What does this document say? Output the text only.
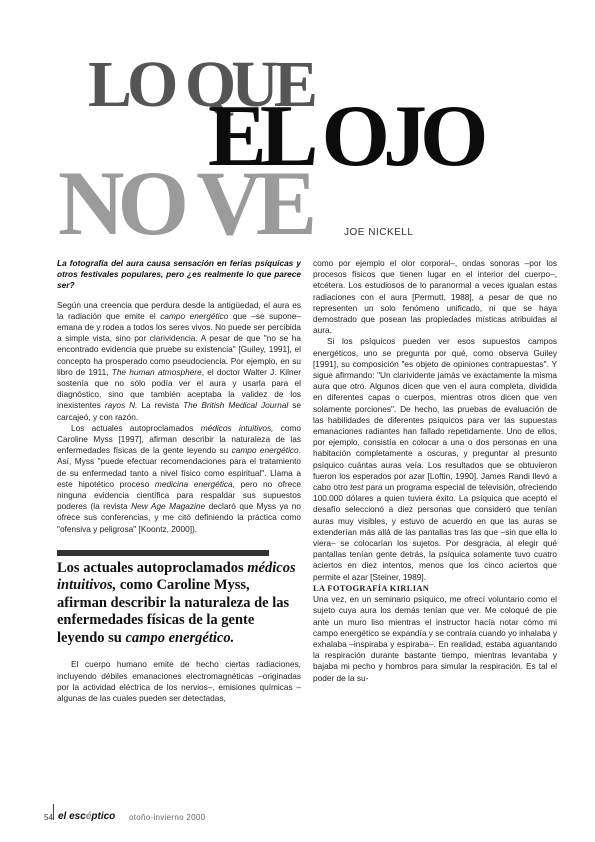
LO QUE
EL OJO
NO VE	JOE NICKELL

La fotografía del aura causa sensación en ferias psíquicas y otros festivales populares, pero ¿es realmente lo que parece ser?

Según una creencia que perdura desde la antigüedad, el aura es la radiación que emite el campo energético que –se supone– emana de y rodea a todos los seres vivos. No puede ser percibida a simple vista, sino por clarividencia. A pesar de que "no se ha encontrado evidencia que pruebe su existencia" [Guiley, 1991], el concepto ha prosperado como pseudociencia. Por ejemplo, en su libro de 1911, The human atmosphere, el doctor Walter J. Kilner sostenía que no sólo podía ver el aura y usarla para el diagnóstico, sino que también aceptaba la validez de los inexistentes rayos N. La revista The British Medical Journal se carcajeó, y con razón.

Los actuales autoproclamados médicos intuitivos, como Caroline Myss [1997], afirman describir la naturaleza de las enfermedades físicas de la gente leyendo su campo energético. Así, Myss "puede efectuar recomendaciones para el tratamiento de su enfermedad tanto a nivel físico como espiritual". Llama a este hipotético proceso medicina energética, pero no ofrece ninguna evidencia científica para respaldar sus supuestos poderes (la revista New Age Magazine declaró que Myss ya no ofrece sus conferencias, y me citó definiendo la práctica como "ofensiva y peligrosa" [Koontz, 2000]).

Los actuales autoproclamados médicos intuitivos, como Caroline Myss, afirman describir la naturaleza de las enfermedades físicas de la gente leyendo su campo energético.

El cuerpo humano emite de hecho ciertas radiaciones, incluyendo débiles emanaciones electromagnéticas –originadas por la actividad eléctrica de los nervios–, emisiones químicas –algunas de las cuales pueden ser detectadas,

como por ejemplo el olor corporal–, ondas sonoras –por los procesos físicos que tienen lugar en el interior del cuerpo–, etcétera. Los estudiosos de lo paranormal a veces igualan estas radiaciones con el aura [Permutt, 1988], a pesar de que no representen un solo fenómeno unificado, ni que se haya demostrado que posean las propiedades místicas atribuidas al aura.

Si los psíquicos pueden ver esos supuestos campos energéticos, uno se pregunta por qué, como observa Guiley [1991], su composición "es objeto de opiniones contrapuestas". Y sigue afirmando: "Un clarividente jamás ve exactamente la misma aura que otro. Algunos dicen que ven el aura completa, dividida en diferentes capas o cuerpos, mientras otros dicen que ven solamente porciones". De hecho, las pruebas de evaluación de las habilidades de diferentes psíquicos para ver las supuestas emanaciones radiantes han fallado repetidamente. Uno de ellos, por ejemplo, consistía en colocar a una o dos personas en una habitación completamente a oscuras, y preguntar al presunto psíquico cuántas auras veía. Los resultados que se obtuvieron fueron los esperados por azar [Loftin, 1990]. James Randi llevó a cabo otro test para un programa especial de televisión, ofreciendo 100.000 dólares a quien tuviera éxito. La psíquica que aceptó el desafío seleccionó a diez personas que consideró que tenían auras muy visibles, y estuvo de acuerdo en que las auras se extenderían más allá de las pantallas tras las que –sin que ella lo viera– se colocarían los sujetos. Por desgracia, al elegir qué pantallas tenían gente detrás, la psíquica solamente tuvo cuatro aciertos en diez intentos, menos que los cinco aciertos que permite el azar [Steiner, 1989].

LA FOTOGRAFÍA KIRLIAN

Una vez, en un seminario psíquico, me ofrecí voluntario como el sujeto cuya aura los demás tenían que ver. Me coloqué de pie ante un muro liso mientras el instructor hacía notar cómo mi campo energético se expandía y se contraía cuando yo inhalaba y exhalaba –inspiraba y espiraba–. En realidad, estaba aguantando la respiración durante bastante tiempo, mientras levantaba y bajaba mi pecho y hombros para simular la respiración. Es tal el poder de la su-

54 el escéptico otoño-invierno 2000
